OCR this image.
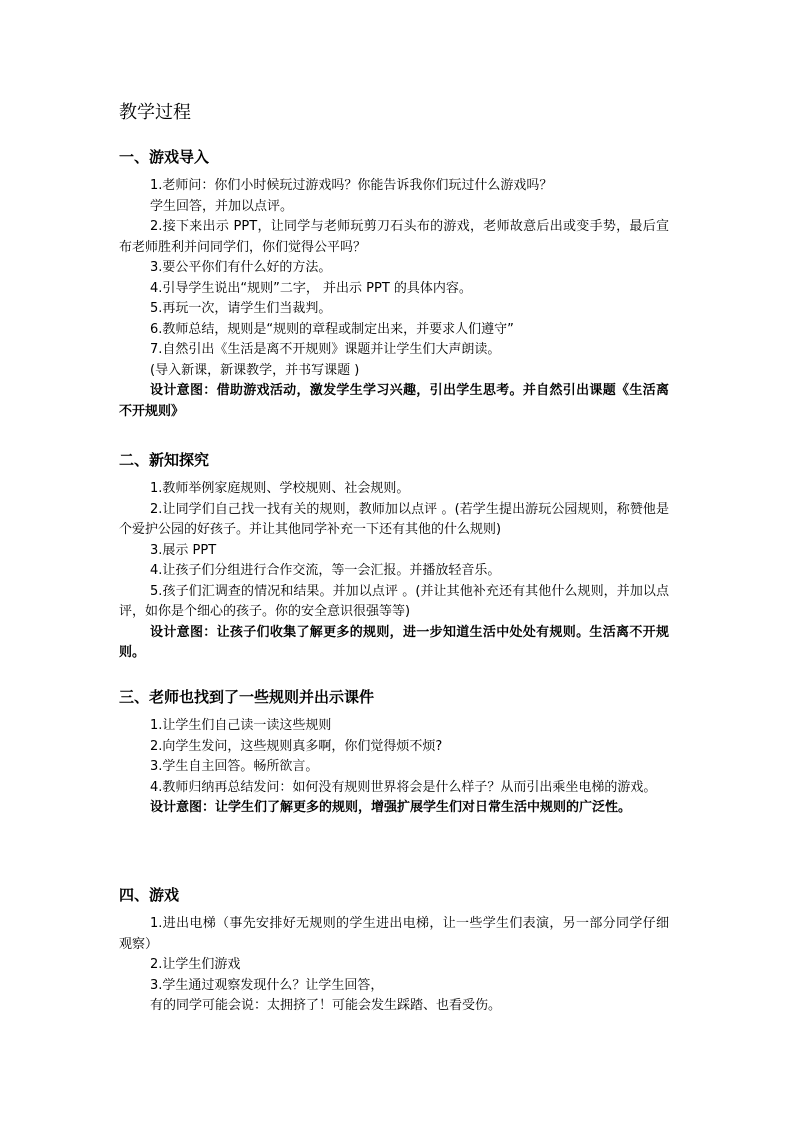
教学过程
一、游戏导入

1.老师问：你们小时候玩过游戏吗？你能告诉我你们玩过什么游戏吗？

学生回答，并加以点评。

2.接下来出示 PPT，让同学与老师玩剪刀石头布的游戏，老师故意后出或变手势，最后宣布老师胜利并问同学们，你们觉得公平吗？

3.要公平你们有什么好的方法。

4.引导学生说出“规则”二字， 并出示 PPT 的具体内容。

5.再玩一次，请学生们当裁判。

6.教师总结，规则是“规则的章程或制定出来，并要求人们遵守”

7.自然引出《生活是离不开规则》课题并让学生们大声朗读。

(导入新课，新课教学，并书写课题 )

设计意图：借助游戏活动，激发学生学习兴趣，引出学生思考。并自然引出课题《生活离不开规则》

二、新知探究

1.教师举例家庭规则、学校规则、社会规则。

2.让同学们自己找一找有关的规则，教师加以点评 。(若学生提出游玩公园规则，称赞他是个爱护公园的好孩子。并让其他同学补充一下还有其他的什么规则)

3.展示 PPT

4.让孩子们分组进行合作交流，等一会汇报。并播放轻音乐。

5.孩子们汇调查的情况和结果。并加以点评 。(并让其他补充还有其他什么规则，并加以点评，如你是个细心的孩子。你的安全意识很强等等)

设计意图：让孩子们收集了解更多的规则，进一步知道生活中处处有规则。生活离不开规则。

三、老师也找到了一些规则并出示课件

1.让学生们自己读一读这些规则

2.向学生发问，这些规则真多啊，你们觉得烦不烦?

3.学生自主回答。畅所欲言。

4.教师归纳再总结发问：如何没有规则世界将会是什么样子？从而引出乘坐电梯的游戏。

设计意图：让学生们了解更多的规则，增强扩展学生们对日常生活中规则的广泛性。

四、游戏

1.进出电梯（事先安排好无规则的学生进出电梯，让一些学生们表演，另一部分同学仔细观察）

2.让学生们游戏

3.学生通过观察发现什么？让学生回答，

有的同学可能会说：太拥挤了！可能会发生踩踏、也看受伤。
